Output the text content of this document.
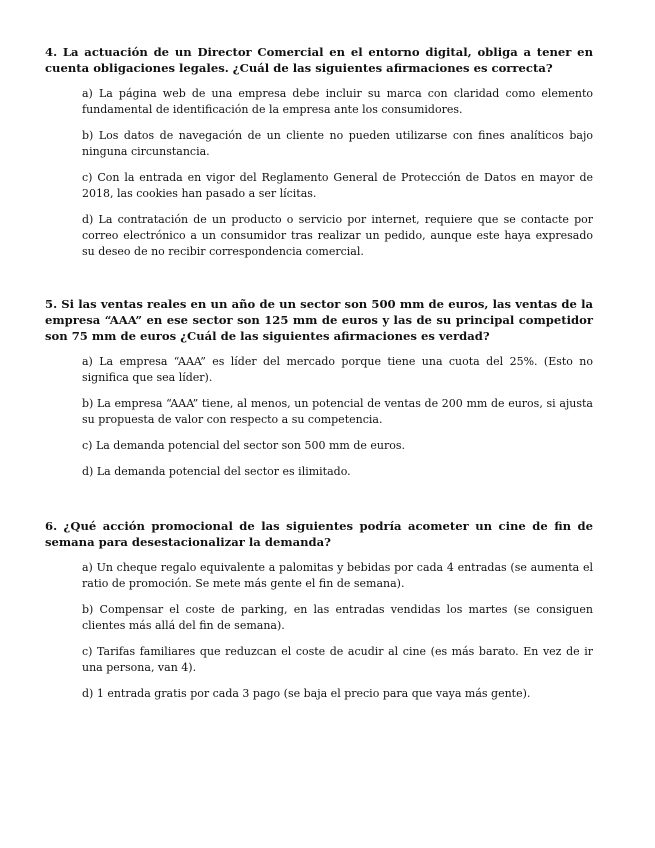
4. La actuación de un Director Comercial en el entorno digital, obliga a tener en cuenta obligaciones legales. ¿Cuál de las siguientes afirmaciones es correcta?

a) La página web de una empresa debe incluir su marca con claridad como elemento fundamental de identificación de la empresa ante los consumidores.
b) Los datos de navegación de un cliente no pueden utilizarse con fines analíticos bajo ninguna circunstancia.
c) Con la entrada en vigor del Reglamento General de Protección de Datos en mayor de 2018, las cookies han pasado a ser lícitas.
d) La contratación de un producto o servicio por internet, requiere que se contacte por correo electrónico a un consumidor tras realizar un pedido, aunque este haya expresado su deseo de no recibir correspondencia comercial.

5. Si las ventas reales en un año de un sector son 500 mm de euros, las ventas de la empresa “AAA” en ese sector son 125 mm de euros y las de su principal competidor son 75 mm de euros ¿Cuál de las siguientes afirmaciones es verdad?

a) La empresa “AAA” es líder del mercado porque tiene una cuota del 25%. (Esto no significa que sea líder).
b) La empresa “AAA” tiene, al menos, un potencial de ventas de 200 mm de euros, si ajusta su propuesta de valor con respecto a su competencia.
c) La demanda potencial del sector son 500 mm de euros.
d) La demanda potencial del sector es ilimitado.

6. ¿Qué acción promocional de las siguientes podría acometer un cine de fin de semana para desestacionalizar la demanda?

a) Un cheque regalo equivalente a palomitas y bebidas por cada 4 entradas (se aumenta el ratio de promoción. Se mete más gente el fin de semana).
b) Compensar el coste de parking, en las entradas vendidas los martes (se consiguen clientes más allá del fin de semana).
c) Tarifas familiares que reduzcan el coste de acudir al cine (es más barato. En vez de ir una persona, van 4).
d) 1 entrada gratis por cada 3 pago (se baja el precio para que vaya más gente).
